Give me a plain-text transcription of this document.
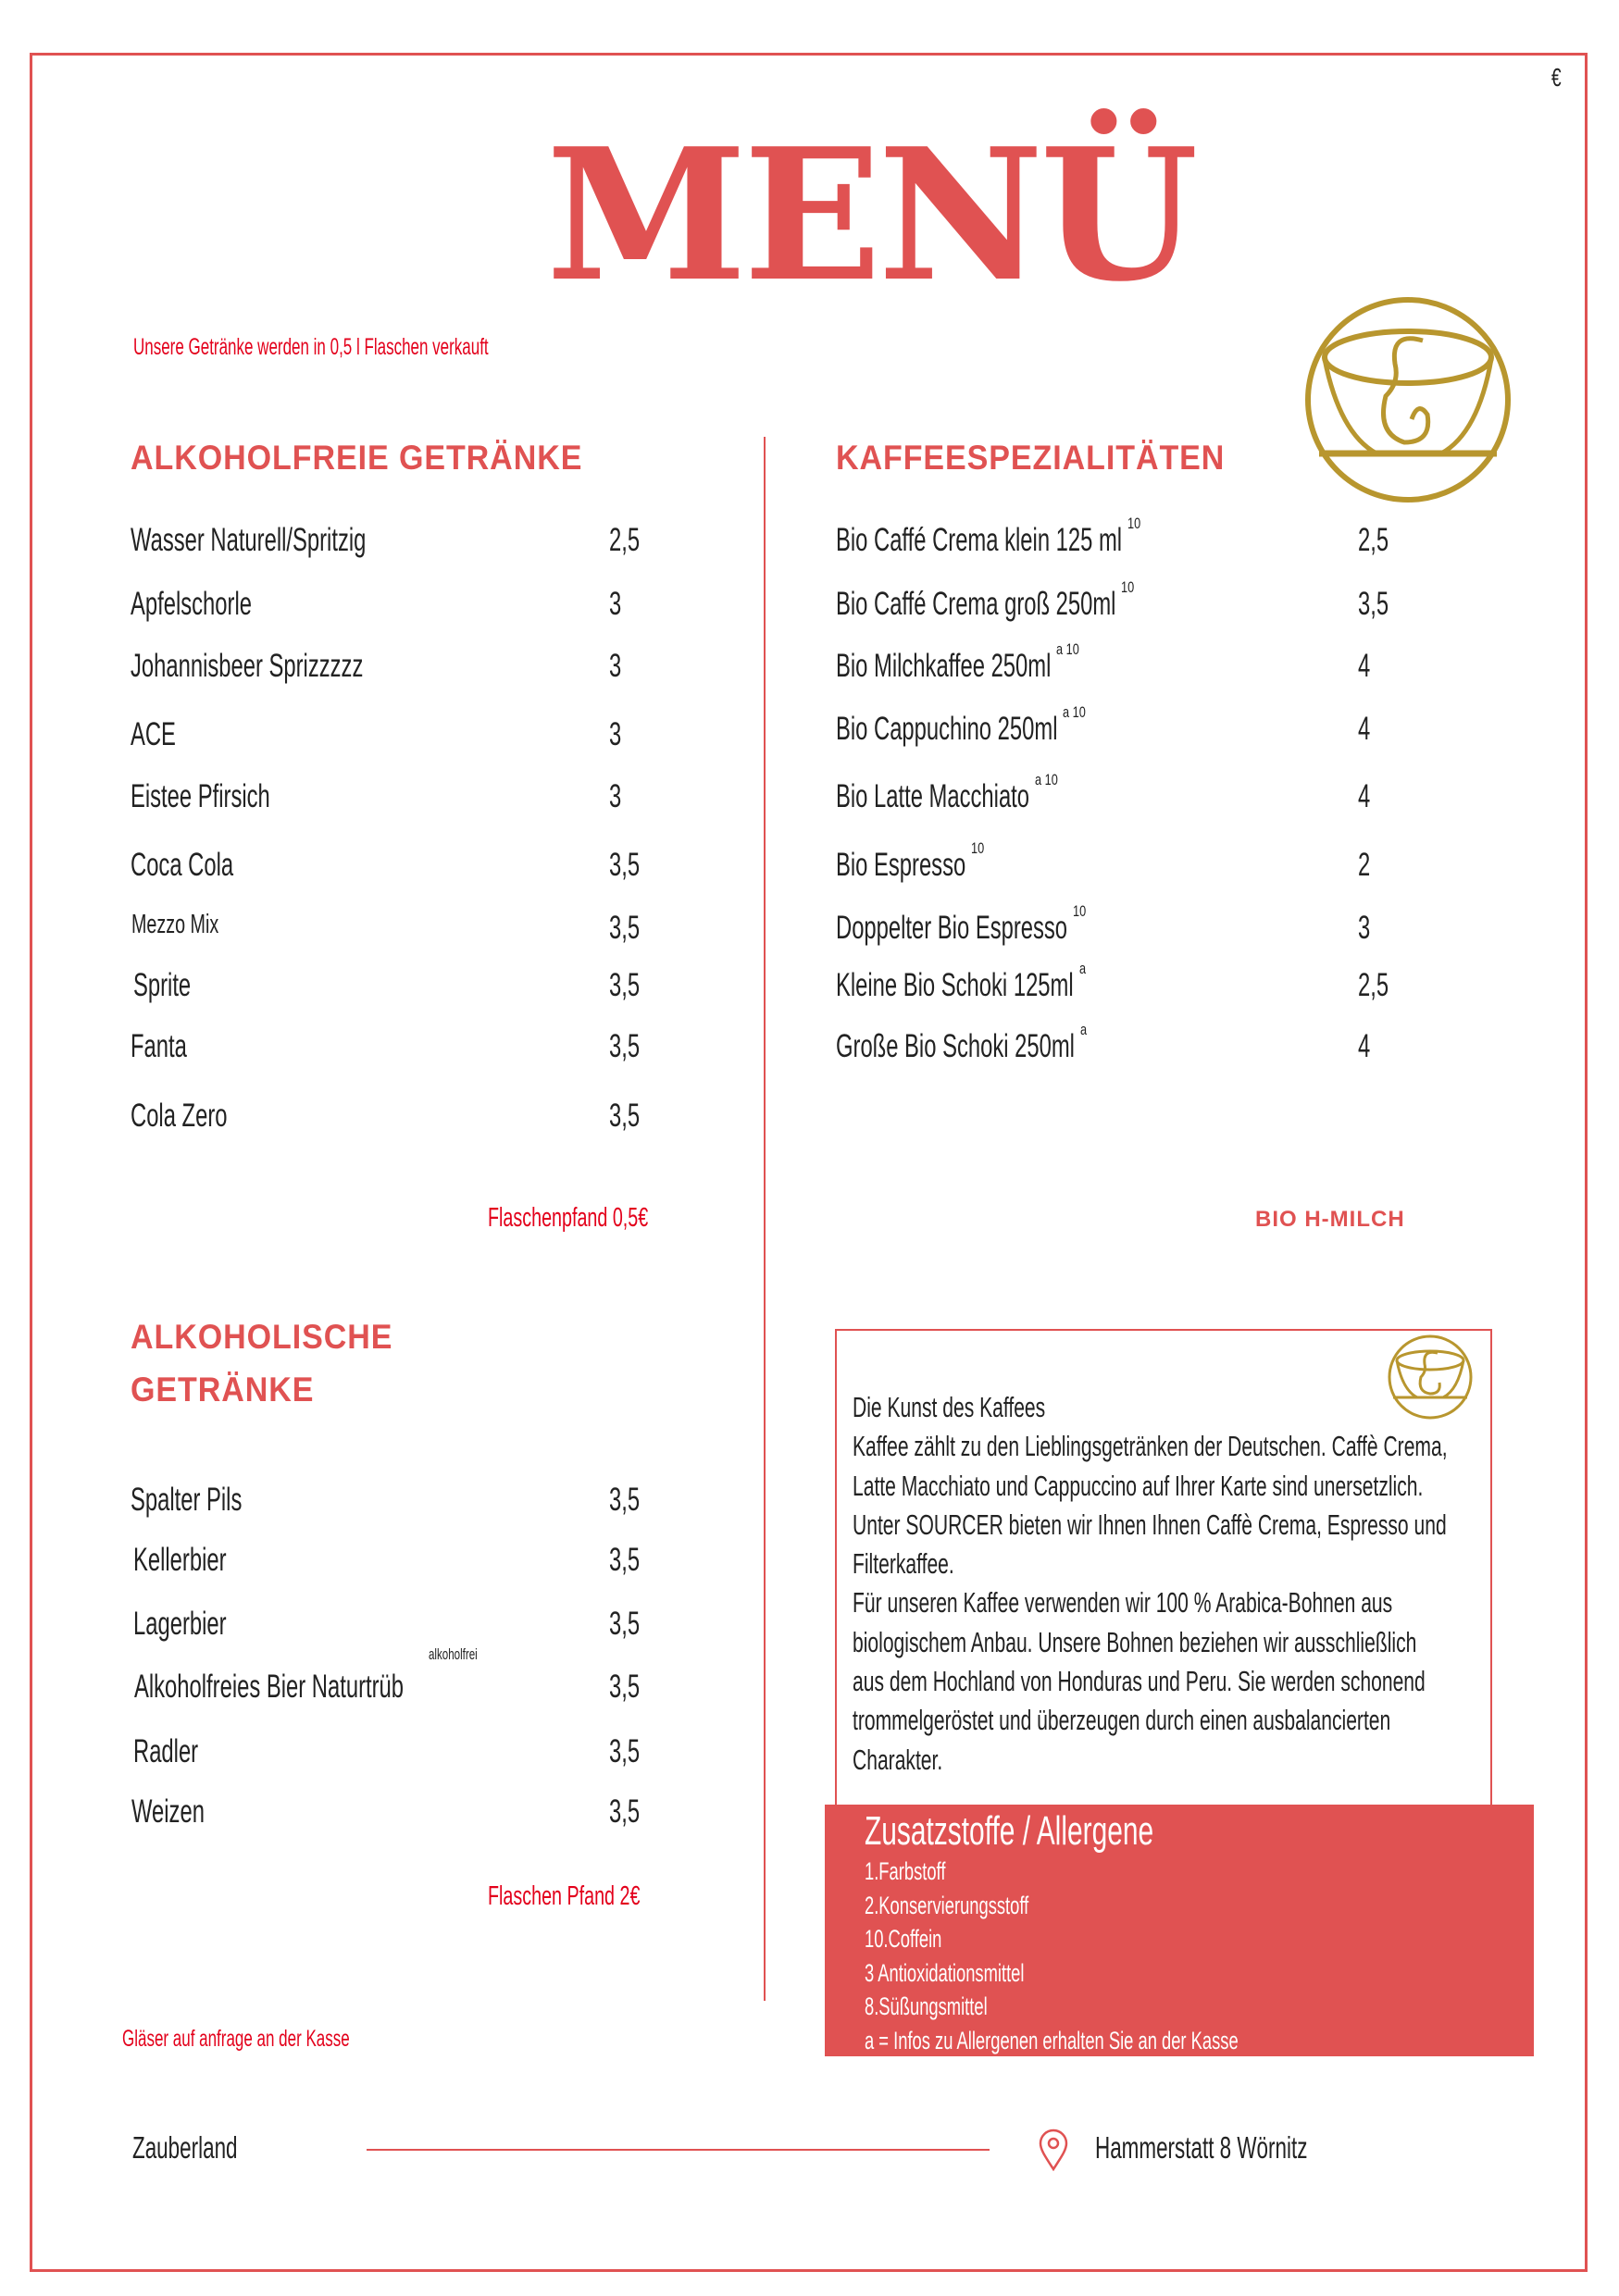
€
MENÜ
Unsere Getränke werden in 0,5 l Flaschen verkauft
ALKOHOLFREIE GETRÄNKE
Flaschenpfand 0,5€
KAFFEESPEZIALITÄTEN
BIO H-MILCH
ALKOHOLISCHE
GETRÄNKE
alkoholfrei
Flaschen Pfand 2€
Gläser auf anfrage an der Kasse
Die Kunst des Kaffees
Kaffee zählt zu den Lieblingsgetränken der Deutschen. Caffè Crema,
Latte Macchiato und Cappuccino auf Ihrer Karte sind unersetzlich.
Unter SOURCER bieten wir Ihnen Ihnen Caffè Crema, Espresso und
Filterkaffee.
Für unseren Kaffee verwenden wir 100 % Arabica-Bohnen aus
biologischem Anbau. Unsere Bohnen beziehen wir ausschließlich
aus dem Hochland von Honduras und Peru. Sie werden schonend
trommelgeröstet und überzeugen durch einen ausbalancierten
Charakter.
Zusatzstoffe / Allergene
1.Farbstoff
2.Konservierungsstoff
10.Coffein
3 Antioxidationsmittel
8.Süßungsmittel
a = Infos zu Allergenen erhalten Sie an der Kasse
Zauberland	Hammerstatt 8 Wörnitz
Wasser Naturell/Spritzig	2,5
Apfelschorle	3
Johannisbeer Sprizzzzz	3
ACE	3
Eistee Pfirsich	3
Coca Cola	3,5
Mezzo Mix	3,5
Sprite	3,5
Fanta	3,5
Cola Zero	3,5
Bio Caffé Crema klein 125 ml $^{10}$	2,5
Bio Caffé Crema groß 250ml $^{10}$	3,5
Bio Milchkaffee 250ml $^{a 10}$	4
Bio Cappuchino 250ml $^{a 10}$	4
Bio Latte Macchiato $^{a 10}$	4
Bio Espresso $^{10}$	2
Doppelter Bio Espresso $^{10}$	3
Kleine Bio Schoki 125ml $^a$	2,5
Große Bio Schoki 250ml $^a$	4
Spalter Pils	3,5
Kellerbier	3,5
Lagerbier	3,5
Alkoholfreies Bier Naturtrüb	3,5
Radler	3,5
Weizen	3,5
